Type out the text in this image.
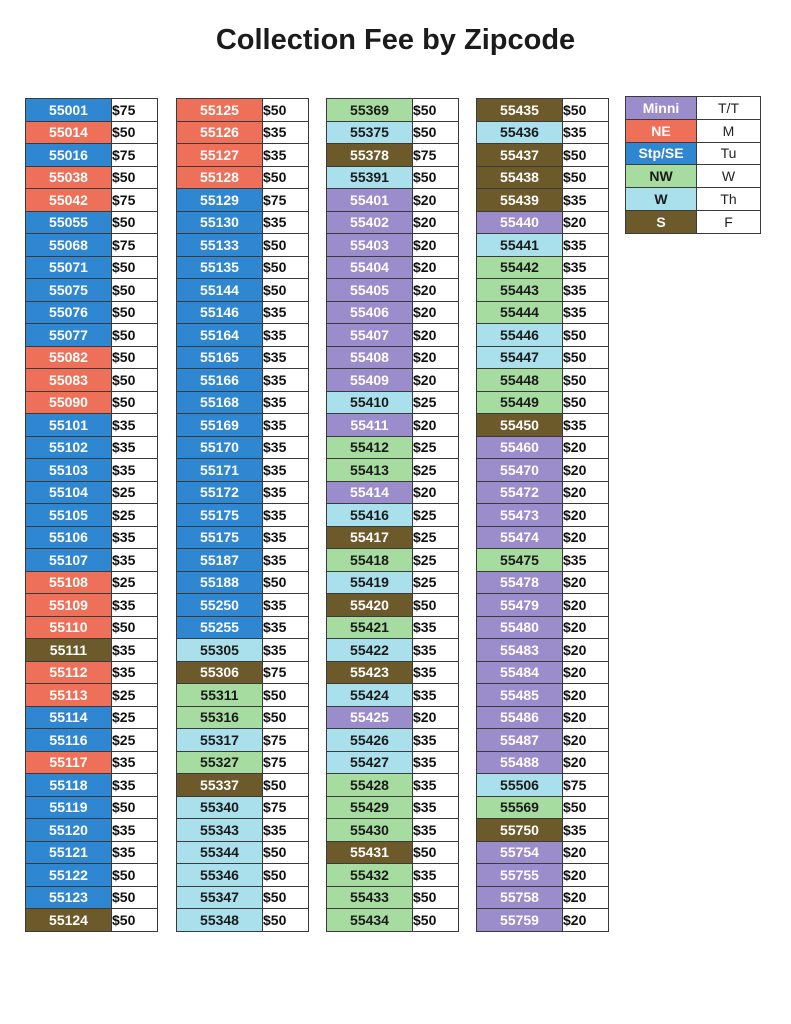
Collection Fee by Zipcode
55001	$75
55014	$50
55016	$75
55038	$50
55042	$75
55055	$50
55068	$75
55071	$50
55075	$50
55076	$50
55077	$50
55082	$50
55083	$50
55090	$50
55101	$35
55102	$35
55103	$35
55104	$25
55105	$25
55106	$35
55107	$35
55108	$25
55109	$35
55110	$50
55111	$35
55112	$35
55113	$25
55114	$25
55116	$25
55117	$35
55118	$35
55119	$50
55120	$35
55121	$35
55122	$50
55123	$50
55124	$50
55125	$50
55126	$35
55127	$35
55128	$50
55129	$75
55130	$35
55133	$50
55135	$50
55144	$50
55146	$35
55164	$35
55165	$35
55166	$35
55168	$35
55169	$35
55170	$35
55171	$35
55172	$35
55175	$35
55175	$35
55187	$35
55188	$50
55250	$35
55255	$35
55305	$35
55306	$75
55311	$50
55316	$50
55317	$75
55327	$75
55337	$50
55340	$75
55343	$35
55344	$50
55346	$50
55347	$50
55348	$50
55369	$50
55375	$50
55378	$75
55391	$50
55401	$20
55402	$20
55403	$20
55404	$20
55405	$20
55406	$20
55407	$20
55408	$20
55409	$20
55410	$25
55411	$20
55412	$25
55413	$25
55414	$20
55416	$25
55417	$25
55418	$25
55419	$25
55420	$50
55421	$35
55422	$35
55423	$35
55424	$35
55425	$20
55426	$35
55427	$35
55428	$35
55429	$35
55430	$35
55431	$50
55432	$35
55433	$50
55434	$50
55435	$50
55436	$35
55437	$50
55438	$50
55439	$35
55440	$20
55441	$35
55442	$35
55443	$35
55444	$35
55446	$50
55447	$50
55448	$50
55449	$50
55450	$35
55460	$20
55470	$20
55472	$20
55473	$20
55474	$20
55475	$35
55478	$20
55479	$20
55480	$20
55483	$20
55484	$20
55485	$20
55486	$20
55487	$20
55488	$20
55506	$75
55569	$50
55750	$35
55754	$20
55755	$20
55758	$20
55759	$20
Minni	T/T
NE	M
Stp/SE	Tu
NW	W
W	Th
S	F
